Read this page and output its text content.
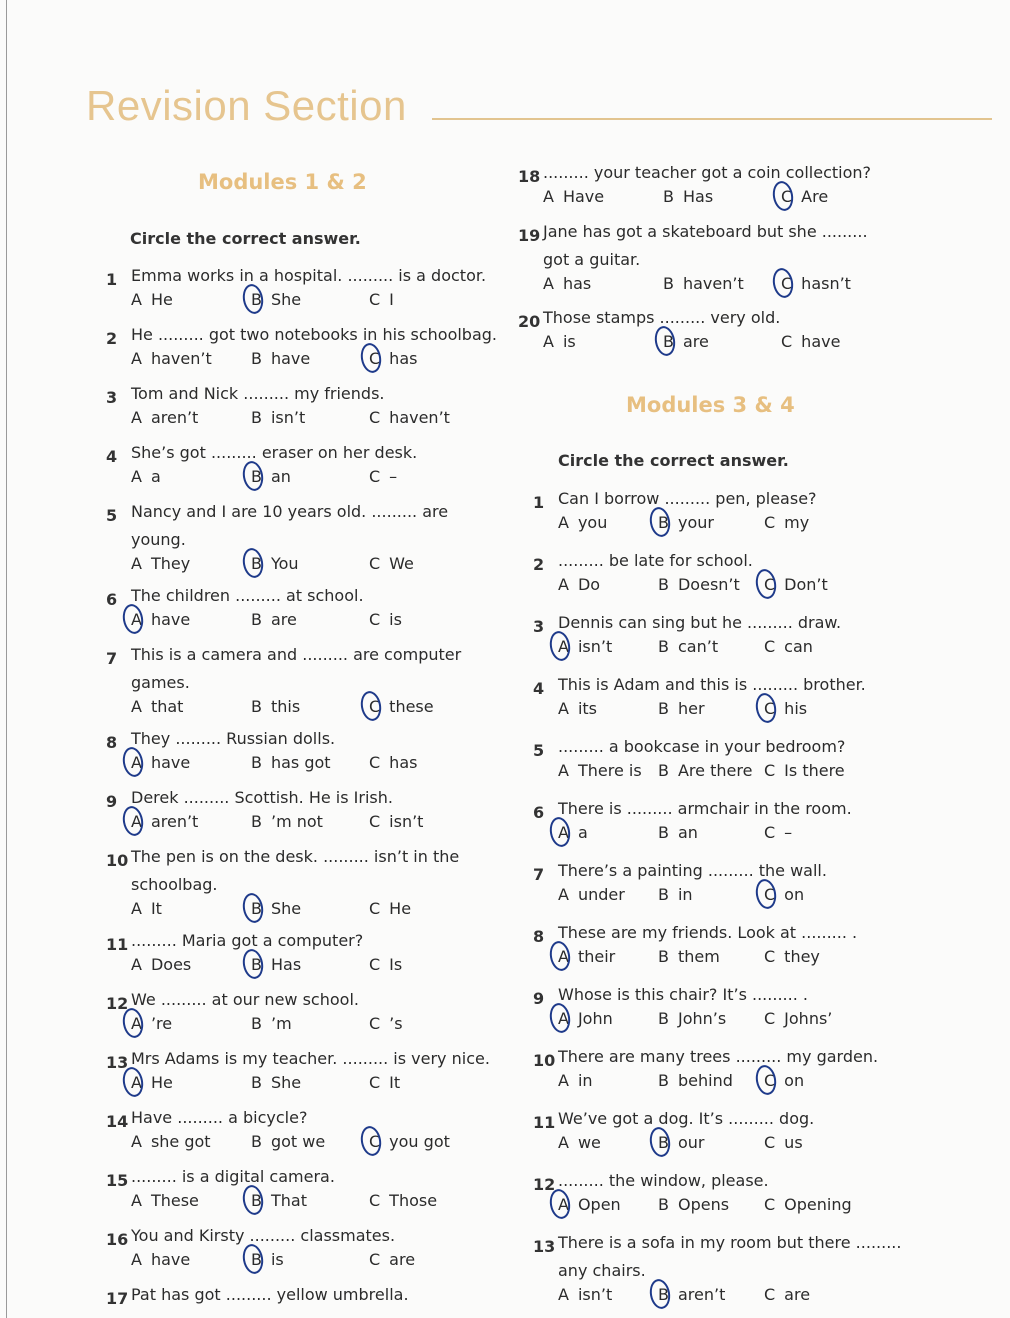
Revision Section
Modules 1 & 2

Circle the correct answer.

Modules 3 & 4

Circle the correct answer.

1 Emma works in a hospital. ......... is a doctor.
A He	B She	C I
2 He ......... got two notebooks in his schoolbag.
A haven’t B have	C has
3 Tom and Nick ......... my friends.
A aren’t	B isn’t	C haven’t
4 She’s got ......... eraser on her desk.
A a	B an	C –
5 Nancy and I are 10 years old. ......... are
young.
A They	B You	C We
6 The children ......... at school.
A have	B are	C is
7 This is a camera and ......... are computer
games.
A that	B this	C these
8 They ......... Russian dolls.
A have	B has got C has
9 Derek ......... Scottish. He is Irish.
A aren’t	B ’m not	C isn’t
10 The pen is on the desk. ......... isn’t in the
schoolbag.
A It	B She	C He
11 ......... Maria got a computer?
A Does	B Has	C Is
12 We ......... at our new school.
A ’re	B ’m	C ’s
13 Mrs Adams is my teacher. ......... is very nice.
A He	B She	C It
14 Have ......... a bicycle?
A she got	B got we	C you got
15 ......... is a digital camera.
A These	B That	C Those
16 You and Kirsty ......... classmates.
A have	B is	C are
17 Pat has got ......... yellow umbrella.
18 ......... your teacher got a coin collection?
A Have	B Has	C Are
19 Jane has got a skateboard but she .........
got a guitar.
A has	B haven’t C hasn’t
20 Those stamps ......... very old.
A is	B are	C have
1 Can I borrow ......... pen, please?
A you	B your	C my
2 ......... be late for school.
A Do	B Doesn’t C Don’t
3 Dennis can sing but he ......... draw.
A isn’t	B can’t	C can
4 This is Adam and this is ......... brother.
A its	B her	C his
5 ......... a bookcase in your bedroom?
A There is B Are there C Is there
6 There is ......... armchair in the room.
A a	B an	C –
7 There’s a painting ......... the wall.
A under B in	C on
8 These are my friends. Look at ......... .
A their	B them	C they
9 Whose is this chair? It’s ......... .
A John	B John’s C Johns’
10 There are many trees ......... my garden.
A in	B behind C on
11 We’ve got a dog. It’s ......... dog.
A we	B our	C us
12 ......... the window, please.
A Open B Opens C Opening
13 There is a sofa in my room but there .........
any chairs.
A isn’t	B aren’t C are
